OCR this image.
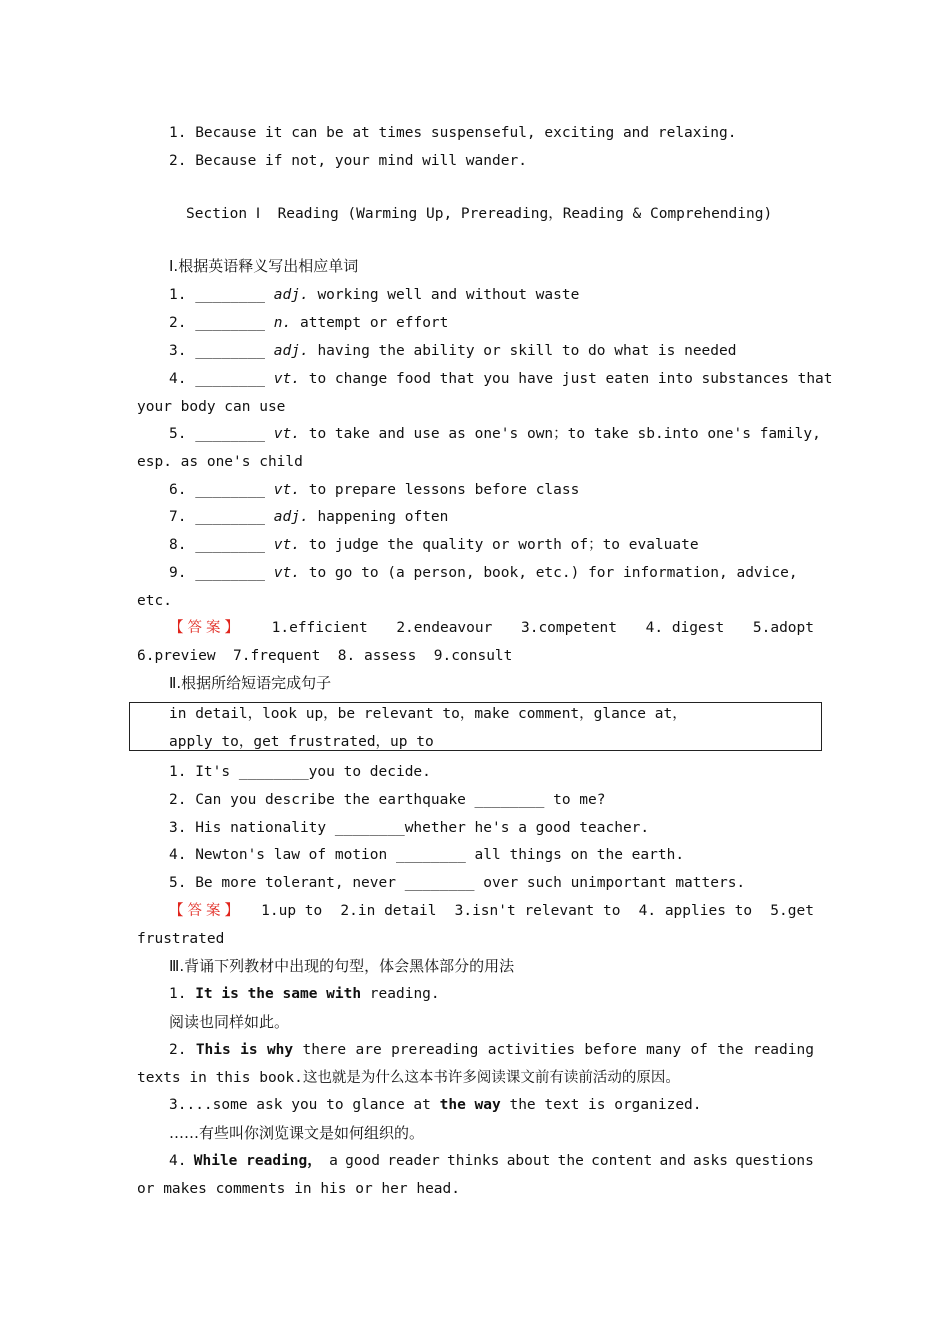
1. Because it can be at times suspenseful, exciting and relaxing.
2. Because if not, your mind will wander.
Section Ⅰ  Reading (Warming Up, Prereading，Reading & Comprehending)
Ⅰ.根据英语释义写出相应单词
1. ________ adj. working well and without waste
2. ________ n. attempt or effort
3. ________ adj. having the ability or skill to do what is needed
4. ________ vt. to change food that you have just eaten into substances that
your body can use
5. ________ vt. to take and use as one's own；to take sb.into one's family,
esp. as one's child
6. ________ vt. to prepare lessons before class
7. ________ adj. happening often
8. ________ vt. to judge the quality or worth of；to evaluate
9. ________ vt. to go to (a person, book, etc.) for information, advice,
etc.
【答案】 1.efficient 2.endeavour 3.competent 4. digest 5.adopt
6.preview  7.frequent  8. assess  9.consult
Ⅱ.根据所给短语完成句子
in detail，look up，be relevant to，make comment，glance at，
apply to，get frustrated，up to
1. It's ________you to decide.
2. Can you describe the earthquake ________ to me?
3. His nationality ________whether he's a good teacher.
4. Newton's law of motion ________ all things on the earth.
5. Be more tolerant, never ________ over such unimportant matters.
【答案】 1.up to 2.in detail 3.isn't relevant to 4. applies to 5.get
frustrated
Ⅲ.背诵下列教材中出现的句型，体会黑体部分的用法
1. It is the same with reading.
阅读也同样如此。
2. This is why there are prereading activities before many of the reading
texts in this book.这也就是为什么这本书许多阅读课文前有读前活动的原因。
3....some ask you to glance at the way the text is organized.
……有些叫你浏览课文是如何组织的。
4. While reading， a good reader thinks about the content and asks questions
or makes comments in his or her head.
